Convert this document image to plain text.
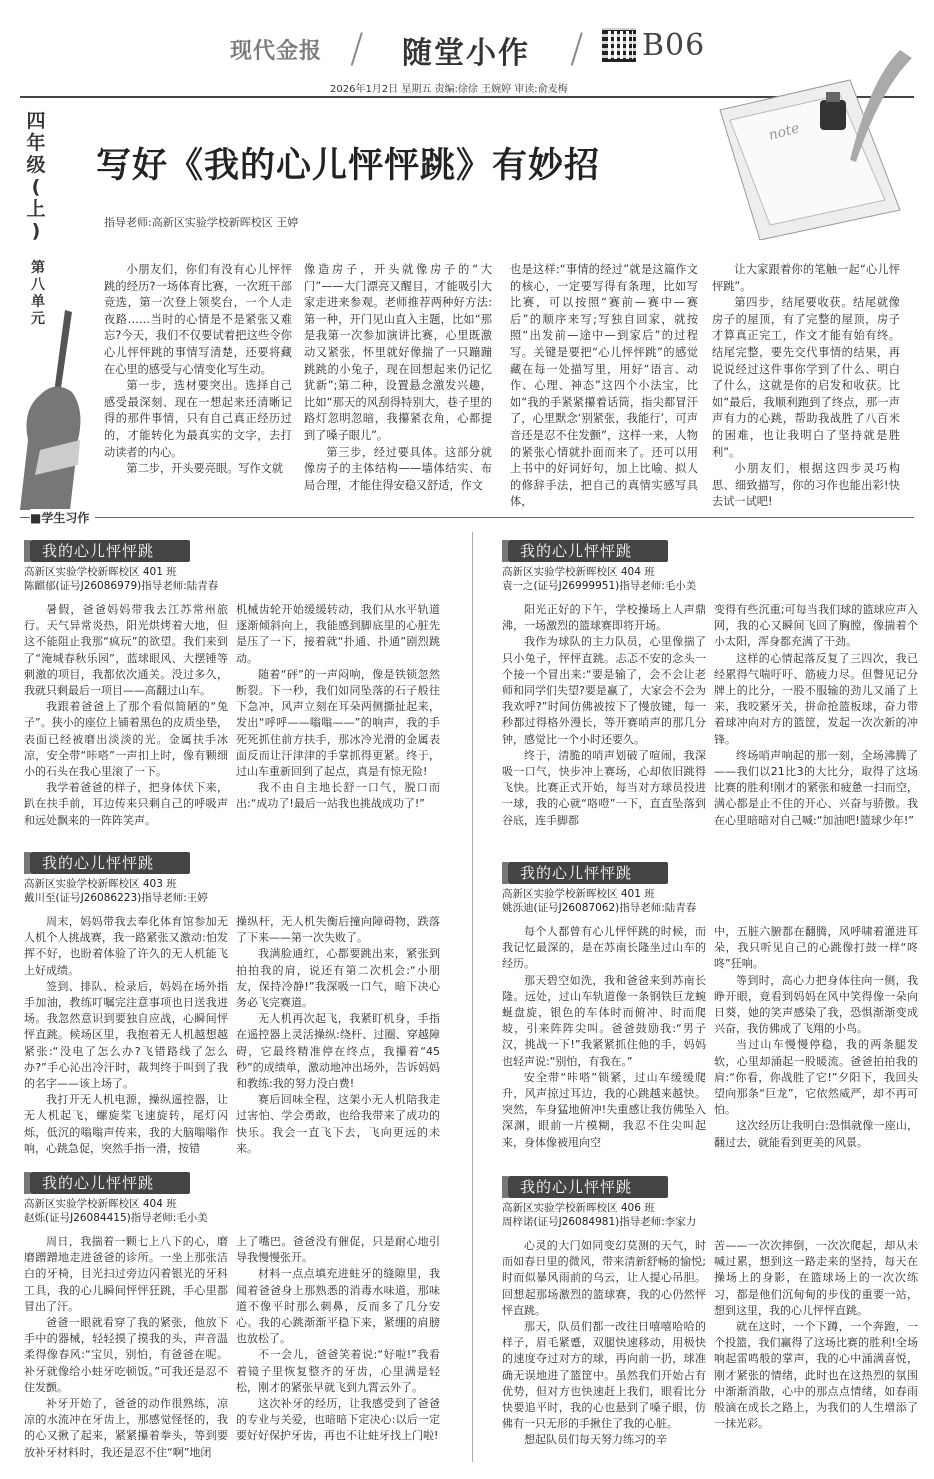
现代金报 / 随堂小作 / B06
2026年1月2日 星期五 责编:徐徐 王婉婷 审读:俞麦梅
四
年
级
(
上
)
第
八
单
元
写好《我的心儿怦怦跳》有妙招
指导老师:高新区实验学校新晖校区 王婷
note

小朋友们，你们有没有心儿怦怦跳的经历?一场体育比赛，一次班干部竞选，第一次登上领奖台，一个人走夜路……当时的心情是不是紧张又难忘?今天，我们不仅要试着把这些令你心儿怦怦跳的事情写清楚，还要将藏在心里的感受与心情变化写生动。

第一步，选材要突出。选择自己感受最深刻、现在一想起来还清晰记得的那件事情，只有自己真正经历过的，才能转化为最真实的文字，去打动读者的内心。

第二步，开头要亮眼。写作文就

像造房子，开头就像房子的“大门”——大门漂亮又醒目，才能吸引大家走进来参观。老师推荐两种好方法:第一种，开门见山直入主题，比如“那是我第一次参加演讲比赛，心里既激动又紧张，怀里就好像揣了一只蹦蹦跳跳的小兔子，现在回想起来仍记忆犹新”;第二种，设置悬念激发兴趣，比如“那天的风刮得特别大，巷子里的路灯忽明忽暗，我攥紧衣角，心都提到了嗓子眼儿”。

第三步，经过要具体。这部分就像房子的主体结构——墙体结实、布局合理，才能住得安稳又舒适，作文

也是这样:“事情的经过”就是这篇作文的核心，一定要写得有条理，比如写比赛，可以按照“赛前—赛中—赛后”的顺序来写;写独自回家，就按照“出发前—途中—到家后”的过程写。关键是要把“心儿怦怦跳”的感觉藏在每一处描写里，用好“语言、动作、心理、神态”这四个小法宝，比如“我的手紧紧攥着话筒，指尖都冒汗了，心里默念‘别紧张，我能行’，可声音还是忍不住发颤”，这样一来，人物的紧张心情就扑面而来了。还可以用上书中的好词好句，加上比喻、拟人的修辞手法，把自己的真情实感写具体，

让大家跟着你的笔触一起“心儿怦怦跳”。

第四步，结尾要收获。结尾就像房子的屋顶，有了完整的屋顶，房子才算真正完工，作文才能有始有终。结尾完整，要先交代事情的结果，再说说经过这件事你学到了什么、明白了什么，这就是你的启发和收获。比如“最后，我顺利跑到了终点，那一声声有力的心跳，帮助我战胜了八百米的困难，也让我明白了坚持就是胜利”。

小朋友们，根据这四步灵巧构思、细致描写，你的习作也能出彩!快去试一试吧!

■学生习作
我的心儿怦怦跳
高新区实验学校新晖校区 401 班
陈麒郁(证号J26086979)指导老师:陆青春

暑假，爸爸妈妈带我去江苏常州旅行。天气异常炎热，阳光烘烤着大地，但这不能阻止我那“疯玩”的欲望。我们来到了“淹城春秋乐园”，蓝球眼风、大摆锤等刺激的项目，我都依次通关。没过多久，我就只剩最后一项目——高翻过山车。

我跟着爸爸上了那个看似简陋的“兔子”。狭小的座位上铺着黑色的皮质坐垫，表面已经被磨出淡淡的光。金属扶手冰凉，安全带“咔嗒”一声扣上时，像有颗细小的石头在我心里滚了一下。

我学着爸爸的样子，把身体伏下来，趴在扶手前，耳边传来只剩自己的呼吸声和远处飘来的一阵阵笑声。

机械齿轮开始缓缓转动，我们从水平轨道逐渐倾斜向上，我能感到脚底里的心脏先是压了一下，接着就“扑通、扑通”剧烈跳动。

随着“砰”的一声闷响，像是铁锁忽然断裂。下一秒，我们如同坠落的石子般往下急冲，风声立刻在耳朵两侧撕扯起来，发出“呼呼——嗡嗡——”的响声，我的手死死抓住前方扶手，那冰冷光滑的金属表面反而让汗津津的手掌抓得更紧。终于，过山车重新回到了起点，真是有惊无险!

我不由自主地长舒一口气，脱口而出:“成功了!最后一站我也挑战成功了!”

我的心儿怦怦跳
高新区实验学校新晖校区 403 班
戴川至(证号J26086223)指导老师:王婷

周末，妈妈带我去奉化体育馆参加无人机个人挑战赛，我一路紧张又激动:怕发挥不好，也盼着体验了许久的无人机能飞上好成绩。

签到、排队、检录后，妈妈在场外指手加油，教练叮嘱完注意事项也日送我进场。我忽然意识到要独自应战，心瞬间怦怦直跳。候场区里，我抱着无人机越想越紧张:“没电了怎么办?飞错路线了怎么办?”手心沁出冷汗时，裁判终于叫到了我的名字——该上场了。

我打开无人机电源，操纵遥控器，让无人机起飞，螺旋桨飞速旋转，尾灯闪烁，低沉的嗡嗡声传来，我的大脑嗡嗡作响，心跳急促，突然手指一滑，按错

操纵杆，无人机失衡后撞向障碍物，跌落了下来——第一次失败了。

我满脸通红，心都要跳出来，紧张到拍拍我的肩，说还有第二次机会:“小朋友，保持冷静!”我深吸一口气，暗下决心务必飞完赛道。

无人机再次起飞，我紧盯机身，手指在遥控器上灵活操纵:绕杆、过圈、穿越障碍，它最终精准停在终点，我攥着“45秒”的成绩单，激动地冲出场外，告诉妈妈和教练:我的努力没白费!

赛后回味全程，这架小无人机陪我走过害怕、学会勇敢，也给我带来了成功的快乐。我会一直飞下去，飞向更远的未来。

我的心儿怦怦跳
高新区实验学校新晖校区 404 班
赵烁(证号J26084415)指导老师:毛小美

周日，我揣着一颗七上八下的心，磨磨蹭蹭地走进爸爸的诊所。一坐上那张洁白的牙椅，目光扫过旁边闪着银光的牙科工具，我的心儿瞬间怦怦狂跳，手心里都冒出了汗。

爸爸一眼就看穿了我的紧张，他放下手中的器械，轻轻摸了摸我的头，声音温柔得像春风:“宝贝，别怕，有爸爸在呢。补牙就像给小蛀牙吃顿饭。”可我还是忍不住发颤。

补牙开始了，爸爸的动作很熟练，凉凉的水流冲在牙齿上，那感觉怪怪的，我的心又揪了起来，紧紧攥着拳头，等到要放补牙材料时，我还是忍不住“啊”地闭

上了嘴巴。爸爸没有催促，只是耐心地引导我慢慢张开。

材料一点点填充进蛀牙的缝隙里，我闻着爸爸身上那熟悉的消毒水味道，那味道不像平时那么刺鼻，反而多了几分安心。我的心跳渐渐平稳下来，紧绷的肩膀也放松了。

不一会儿，爸爸笑着说:“好啦!”我看着镜子里恢复整齐的牙齿，心里满是轻松，刚才的紧张早就飞到九霄云外了。

这次补牙的经历，让我感受到了爸爸的专业与关爱，也暗暗下定决心:以后一定要好好保护牙齿，再也不让蛀牙找上门啦!

我的心儿怦怦跳
高新区实验学校新晖校区 404 班
袁一之(证号J26999951)指导老师:毛小美

阳光正好的下午，学校操场上人声鼎沸，一场激烈的篮球赛即将开场。

我作为球队的主力队员，心里像揣了只小兔子，怦怦直跳。忐忑不安的念头一个接一个冒出来:“要是输了，会不会让老师和同学们失望?要是赢了，大家会不会为我欢呼?”时间仿佛被按下了慢放键，每一秒都过得格外漫长，等开赛哨声的那几分钟，感觉比一个小时还要久。

终于，清脆的哨声划破了喧闹，我深吸一口气，快步冲上赛场，心却依旧跳得飞快。比赛正式开始，每当对方球员投进一球，我的心就“咯噔”一下，直直坠落到谷底，连手脚都

变得有些沉重;可每当我们球的篮球应声入网，我的心又瞬间飞回了胸膛，像揣着个小太阳，浑身都充满了干劲。

这样的心情起落反复了三四次，我已经累得气喘吁吁、筋疲力尽。但瞥见记分牌上的比分，一股不服输的劲儿又涌了上来，我咬紧牙关，拼命抢篮板球，奋力带着球冲向对方的篮筐，发起一次次新的冲锋。

终场哨声响起的那一刻，全场沸腾了——我们以21比3的大比分，取得了这场比赛的胜利!刚才的紧张和疲惫一扫而空，满心都是止不住的开心、兴奋与骄傲。我在心里暗暗对自己喊:“加油吧!篮球少年!”

我的心儿怦怦跳
高新区实验学校新晖校区 401 班
姚泺迪(证号J26087062)指导老师:陆青春

每个人都曾有心儿怦怦跳的时候，而我记忆最深的，是在苏南长隆坐过山车的经历。

那天碧空如洗，我和爸爸来到苏南长隆。远处，过山车轨道像一条钢铁巨龙蜿蜒盘旋，银色的车体时而俯冲、时而爬坡，引来阵阵尖叫。爸爸鼓励我:“男子汉，挑战一下!”我紧紧抓住他的手，妈妈也轻声说:“别怕，有我在。”

安全带“咔嗒”锁紧，过山车缓缓爬升，风声掠过耳边，我的心跳越来越快。突然，车身猛地俯冲!失重感让我仿佛坠入深渊，眼前一片模糊，我忍不住尖叫起来，身体像被甩向空

中，五脏六腑都在翻腾，风呼啸着灌进耳朵，我只听见自己的心跳像打鼓一样“咚咚”狂响。

等到时，高心力把身体往向一侧，我睁开眼，竟看到妈妈在风中笑得像一朵向日葵，她的笑声感染了我，恐惧渐渐变成兴奋，我仿佛成了飞翔的小鸟。

当过山车慢慢停稳，我的两条腿发软，心里却涌起一股暖流。爸爸拍拍我的肩:“你看，你战胜了它!”夕阳下，我回头望向那条“巨龙”，它依然威严，却不再可怕。

这次经历让我明白:恐惧就像一座山，翻过去，就能看到更美的风景。

我的心儿怦怦跳
高新区实验学校新晖校区 406 班
周梓诺(证号J26084981)指导老师:李家力

心灵的大门如同变幻莫测的天气，时而如春日里的微风，带来清新舒畅的愉悦;时而似暴风雨前的乌云，让人提心吊胆。回想起那场激烈的篮球赛，我的心仍然怦怦直跳。

那天，队员们都一改往日嘻嘻哈哈的样子，眉毛紧蹙，双腿快速移动，用极快的速度夺过对方的球，再向前一扔，球准确无误地进了篮筐中。虽然我们开始占有优势，但对方也快速赶上我们，眼看比分快要追平时，我的心也悬到了嗓子眼，仿佛有一只无形的手揪住了我的心脏。

想起队员们每天努力练习的辛

苦——一次次摔倒，一次次爬起，却从未喊过累，想到这一路走来的坚持，每天在操场上的身影，在篮球场上的一次次练习，都是他们沉甸甸的步伐的重要一站，想到这里，我的心儿怦怦直跳。

就在这时，一个下蹲，一个奔跑，一个投篮，我们赢得了这场比赛的胜利!全场响起雷鸣般的掌声，我的心中涌满喜悦，刚才紧张的情绪，此时也在这热烈的氛围中渐渐消散，心中的那点点情绪，如春雨般滴在成长之路上，为我们的人生增添了一抹光彩。
